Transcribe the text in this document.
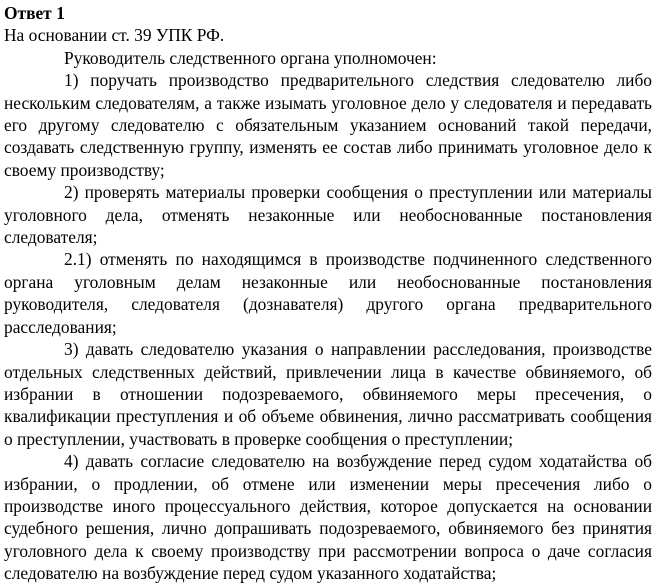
Ответ 1

На основании ст. 39 УПК РФ.

Руководитель следственного органа уполномочен:

1) поручать производство предварительного следствия следователю либо нескольким следователям, а также изымать уголовное дело у следователя и передавать его другому следователю с обязательным указанием оснований такой передачи, создавать следственную группу, изменять ее состав либо принимать уголовное дело к своему производству;

2) проверять материалы проверки сообщения о преступлении или материалы уголовного дела, отменять незаконные или необоснованные постановления следователя;

2.1) отменять по находящимся в производстве подчиненного следственного органа уголовным делам незаконные или необоснованные постановления руководителя, следователя (дознавателя) другого органа предварительного расследования;

3) давать следователю указания о направлении расследования, производстве отдельных следственных действий, привлечении лица в качестве обвиняемого, об избрании в отношении подозреваемого, обвиняемого меры пресечения, о квалификации преступления и об объеме обвинения, лично рассматривать сообщения о преступлении, участвовать в проверке сообщения о преступлении;

4) давать согласие следователю на возбуждение перед судом ходатайства об избрании, о продлении, об отмене или изменении меры пресечения либо о производстве иного процессуального действия, которое допускается на основании судебного решения, лично допрашивать подозреваемого, обвиняемого без принятия уголовного дела к своему производству при рассмотрении вопроса о даче согласия следователю на возбуждение перед судом указанного ходатайства;
